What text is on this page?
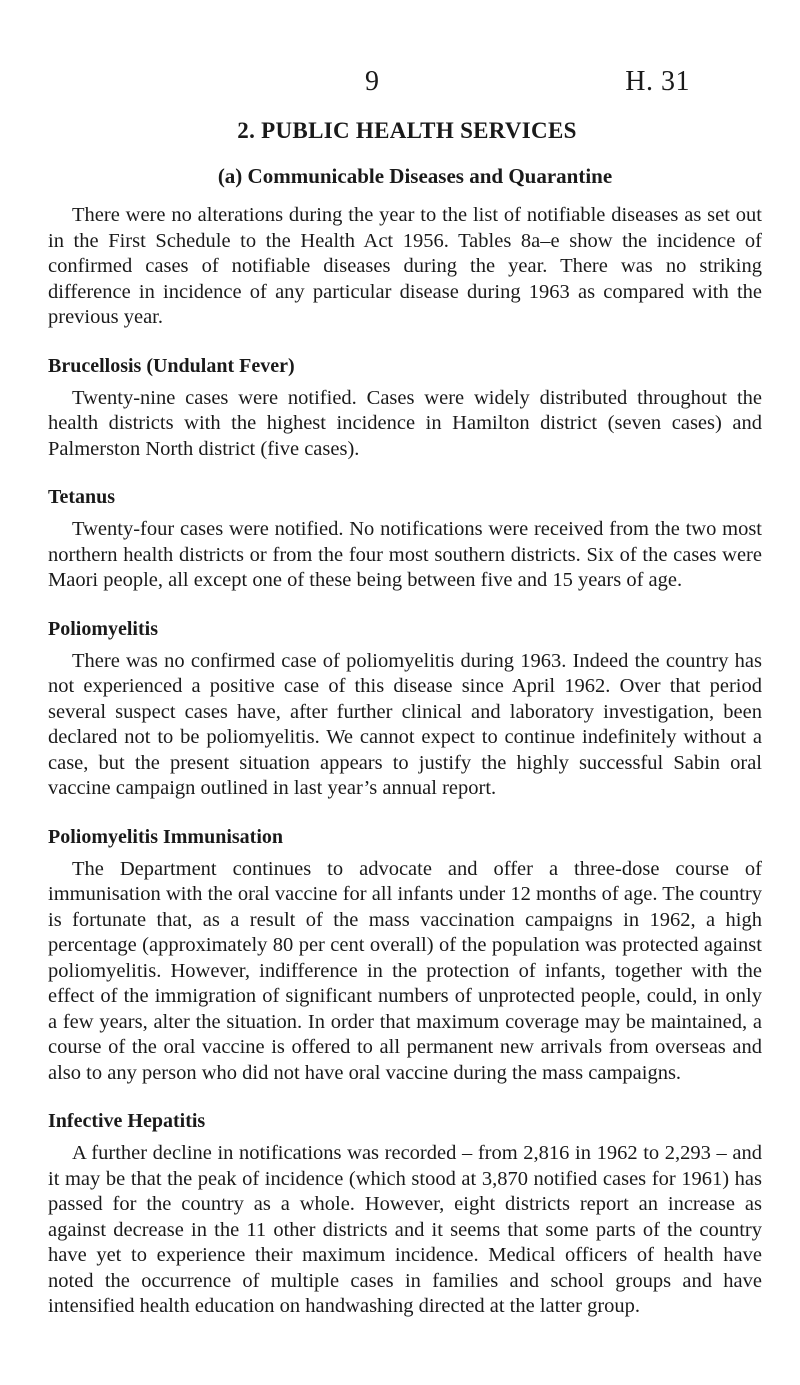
9	H. 31
2. PUBLIC HEALTH SERVICES
(a) Communicable Diseases and Quarantine

There were no alterations during the year to the list of notifiable diseases as set out in the First Schedule to the Health Act 1956. Tables 8a–e show the incidence of confirmed cases of notifiable diseases during the year. There was no striking difference in incidence of any particular disease during 1963 as compared with the previous year.

Brucellosis (Undulant Fever)

Twenty-nine cases were notified. Cases were widely distributed throughout the health districts with the highest incidence in Hamilton district (seven cases) and Palmerston North district (five cases).

Tetanus

Twenty-four cases were notified. No notifications were received from the two most northern health districts or from the four most southern districts. Six of the cases were Maori people, all except one of these being between five and 15 years of age.

Poliomyelitis

There was no confirmed case of poliomyelitis during 1963. Indeed the country has not experienced a positive case of this disease since April 1962. Over that period several suspect cases have, after further clinical and laboratory investigation, been declared not to be poliomyelitis. We cannot expect to continue indefinitely without a case, but the present situation appears to justify the highly successful Sabin oral vaccine campaign outlined in last year’s annual report.

Poliomyelitis Immunisation

The Department continues to advocate and offer a three-dose course of immunisation with the oral vaccine for all infants under 12 months of age. The country is fortunate that, as a result of the mass vaccination campaigns in 1962, a high percentage (approximately 80 per cent overall) of the population was protected against poliomyelitis. However, indifference in the protection of infants, together with the effect of the immigration of significant numbers of unprotected people, could, in only a few years, alter the situation. In order that maximum coverage may be maintained, a course of the oral vaccine is offered to all permanent new arrivals from overseas and also to any person who did not have oral vaccine during the mass campaigns.

Infective Hepatitis

A further decline in notifications was recorded – from 2,816 in 1962 to 2,293 – and it may be that the peak of incidence (which stood at 3,870 notified cases for 1961) has passed for the country as a whole. However, eight districts report an increase as against decrease in the 11 other districts and it seems that some parts of the country have yet to experience their maximum incidence. Medical officers of health have noted the occurrence of multiple cases in families and school groups and have intensified health education on handwashing directed at the latter group.
